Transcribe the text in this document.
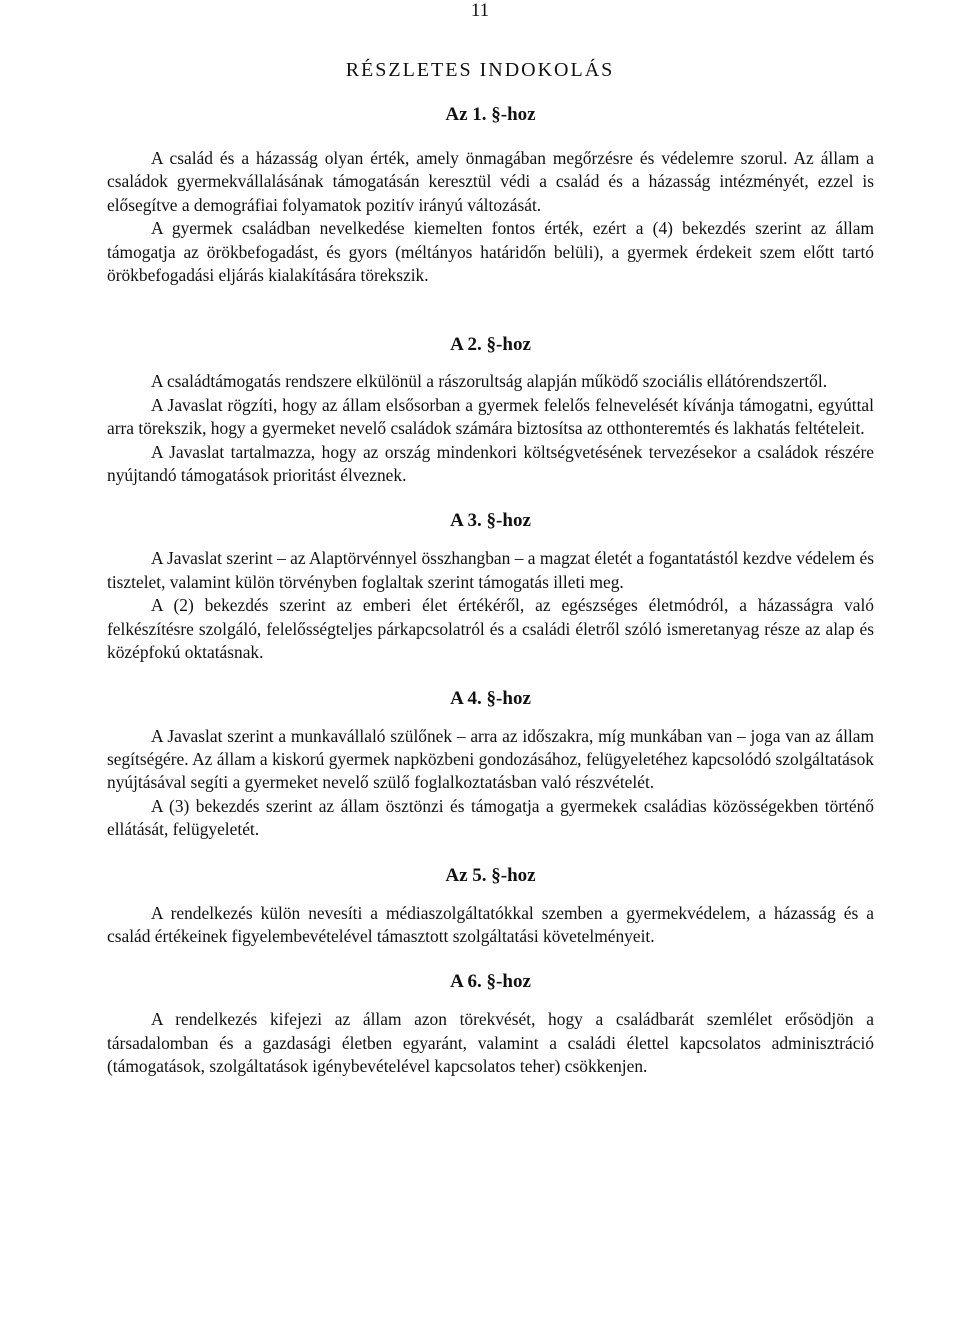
11
RÉSZLETES INDOKOLÁS

Az 1. §-hoz

A család és a házasság olyan érték, amely önmagában megőrzésre és védelemre szorul. Az állam a családok gyermekvállalásának támogatásán keresztül védi a család és a házasság intézményét, ezzel is elősegítve a demográfiai folyamatok pozitív irányú változását.

A gyermek családban nevelkedése kiemelten fontos érték, ezért a (4) bekezdés szerint az állam támogatja az örökbefogadást, és gyors (méltányos határidőn belüli), a gyermek érdekeit szem előtt tartó örökbefogadási eljárás kialakítására törekszik.

A 2. §-hoz

A családtámogatás rendszere elkülönül a rászorultság alapján működő szociális ellátórendszertől.

A Javaslat rögzíti, hogy az állam elsősorban a gyermek felelős felnevelését kívánja támogatni, egyúttal arra törekszik, hogy a gyermeket nevelő családok számára biztosítsa az otthonteremtés és lakhatás feltételeit.

A Javaslat tartalmazza, hogy az ország mindenkori költségvetésének tervezésekor a családok részére nyújtandó támogatások prioritást élveznek.

A 3. §-hoz

A Javaslat szerint – az Alaptörvénnyel összhangban – a magzat életét a fogantatástól kezdve védelem és tisztelet, valamint külön törvényben foglaltak szerint támogatás illeti meg.

A (2) bekezdés szerint az emberi élet értékéről, az egészséges életmódról, a házasságra való felkészítésre szolgáló, felelősségteljes párkapcsolatról és a családi életről szóló ismeretanyag része az alap és középfokú oktatásnak.

A 4. §-hoz

A Javaslat szerint a munkavállaló szülőnek – arra az időszakra, míg munkában van – joga van az állam segítségére. Az állam a kiskorú gyermek napközbeni gondozásához, felügyeletéhez kapcsolódó szolgáltatások nyújtásával segíti a gyermeket nevelő szülő foglalkoztatásban való részvételét.

A (3) bekezdés szerint az állam ösztönzi és támogatja a gyermekek családias közösségekben történő ellátását, felügyeletét.

Az 5. §-hoz

A rendelkezés külön nevesíti a médiaszolgáltatókkal szemben a gyermekvédelem, a házasság és a család értékeinek figyelembevételével támasztott szolgáltatási követelményeit.

A 6. §-hoz

A rendelkezés kifejezi az állam azon törekvését, hogy a családbarát szemlélet erősödjön a társadalomban és a gazdasági életben egyaránt, valamint a családi élettel kapcsolatos adminisztráció (támogatások, szolgáltatások igénybevételével kapcsolatos teher) csökkenjen.
